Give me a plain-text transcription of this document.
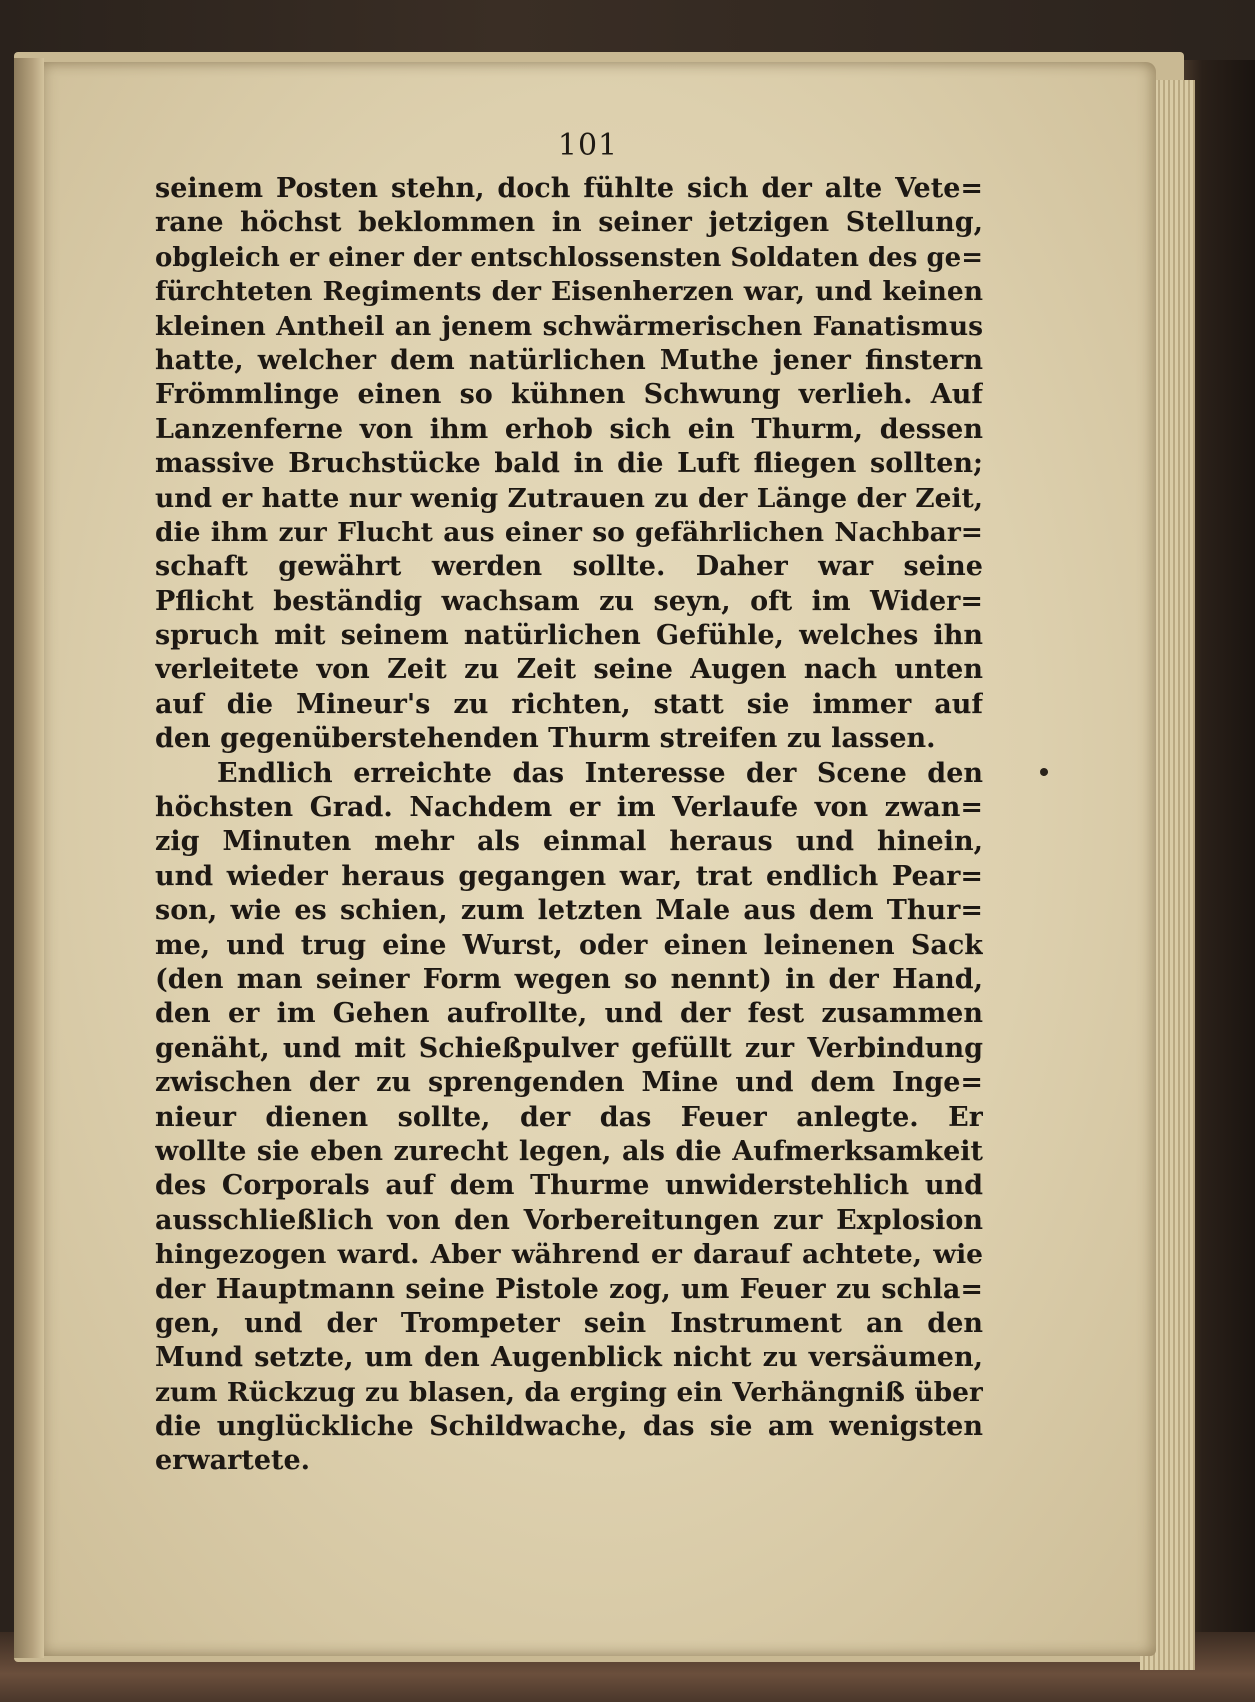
101
seinem Posten stehn, doch fühlte sich der alte Vete=
rane höchst beklommen in seiner jetzigen Stellung,
obgleich er einer der entschlossensten Soldaten des ge=
fürchteten Regiments der Eisenherzen war, und keinen
kleinen Antheil an jenem schwärmerischen Fanatismus
hatte, welcher dem natürlichen Muthe jener finstern
Frömmlinge einen so kühnen Schwung verlieh. Auf
Lanzenferne von ihm erhob sich ein Thurm, dessen
massive Bruchstücke bald in die Luft fliegen sollten;
und er hatte nur wenig Zutrauen zu der Länge der Zeit,
die ihm zur Flucht aus einer so gefährlichen Nachbar=
schaft gewährt werden sollte. Daher war seine
Pflicht beständig wachsam zu seyn, oft im Wider=
spruch mit seinem natürlichen Gefühle, welches ihn
verleitete von Zeit zu Zeit seine Augen nach unten
auf die Mineur's zu richten, statt sie immer auf
den gegenüberstehenden Thurm streifen zu lassen.
Endlich erreichte das Interesse der Scene den
höchsten Grad. Nachdem er im Verlaufe von zwan=
zig Minuten mehr als einmal heraus und hinein,
und wieder heraus gegangen war, trat endlich Pear=
son, wie es schien, zum letzten Male aus dem Thur=
me, und trug eine Wurst, oder einen leinenen Sack
(den man seiner Form wegen so nennt) in der Hand,
den er im Gehen aufrollte, und der fest zusammen
genäht, und mit Schießpulver gefüllt zur Verbindung
zwischen der zu sprengenden Mine und dem Inge=
nieur dienen sollte, der das Feuer anlegte. Er
wollte sie eben zurecht legen, als die Aufmerksamkeit
des Corporals auf dem Thurme unwiderstehlich und
ausschließlich von den Vorbereitungen zur Explosion
hingezogen ward. Aber während er darauf achtete, wie
der Hauptmann seine Pistole zog, um Feuer zu schla=
gen, und der Trompeter sein Instrument an den
Mund setzte, um den Augenblick nicht zu versäumen,
zum Rückzug zu blasen, da erging ein Verhängniß über
die unglückliche Schildwache, das sie am wenigsten
erwartete.
